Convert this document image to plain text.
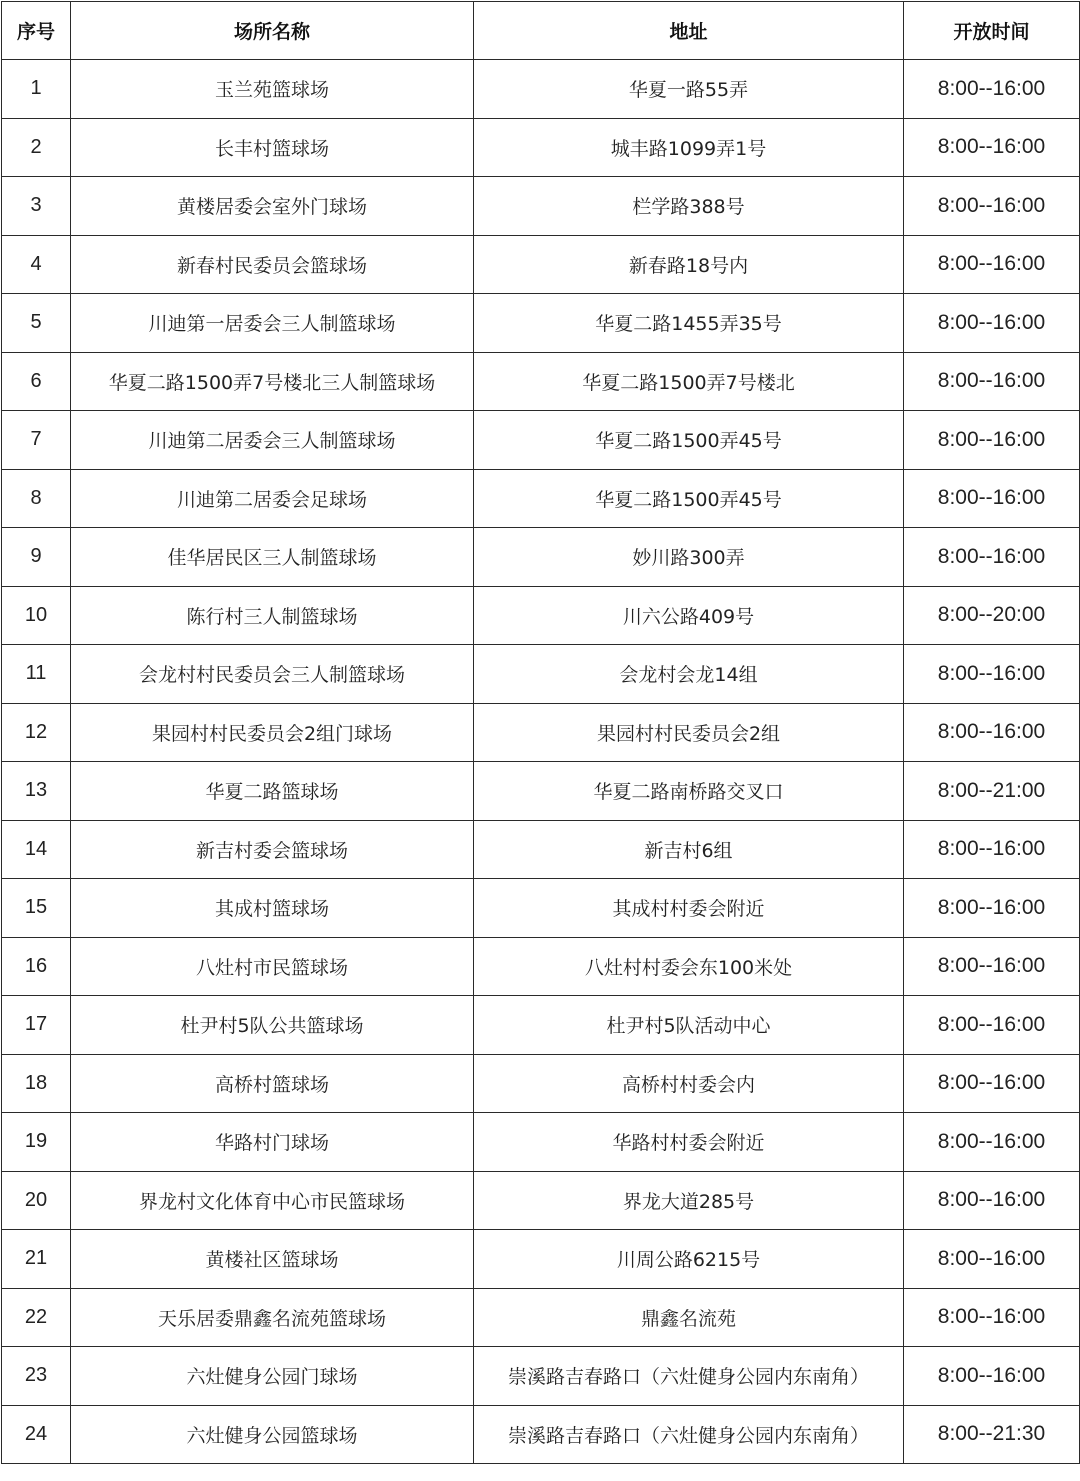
序号	场所名称	地址	开放时间
1	玉兰苑篮球场	华夏一路55弄	8:00--16:00
2	长丰村篮球场	城丰路1099弄1号	8:00--16:00
3	黄楼居委会室外门球场	栏学路388号	8:00--16:00
4	新春村民委员会篮球场	新春路18号内	8:00--16:00
5	川迪第一居委会三人制篮球场	华夏二路1455弄35号	8:00--16:00
6	华夏二路1500弄7号楼北三人制篮球场	华夏二路1500弄7号楼北	8:00--16:00
7	川迪第二居委会三人制篮球场	华夏二路1500弄45号	8:00--16:00
8	川迪第二居委会足球场	华夏二路1500弄45号	8:00--16:00
9	佳华居民区三人制篮球场	妙川路300弄	8:00--16:00
10	陈行村三人制篮球场	川六公路409号	8:00--20:00
11	会龙村村民委员会三人制篮球场	会龙村会龙14组	8:00--16:00
12	果园村村民委员会2组门球场	果园村村民委员会2组	8:00--16:00
13	华夏二路篮球场	华夏二路南桥路交叉口	8:00--21:00
14	新吉村委会篮球场	新吉村6组	8:00--16:00
15	其成村篮球场	其成村村委会附近	8:00--16:00
16	八灶村市民篮球场	八灶村村委会东100米处	8:00--16:00
17	杜尹村5队公共篮球场	杜尹村5队活动中心	8:00--16:00
18	高桥村篮球场	高桥村村委会内	8:00--16:00
19	华路村门球场	华路村村委会附近	8:00--16:00
20	界龙村文化体育中心市民篮球场	界龙大道285号	8:00--16:00
21	黄楼社区篮球场	川周公路6215号	8:00--16:00
22	天乐居委鼎鑫名流苑篮球场	鼎鑫名流苑	8:00--16:00
23	六灶健身公园门球场	崇溪路吉春路口（六灶健身公园内东南角）	8:00--16:00
24	六灶健身公园篮球场	崇溪路吉春路口（六灶健身公园内东南角）	8:00--21:30
